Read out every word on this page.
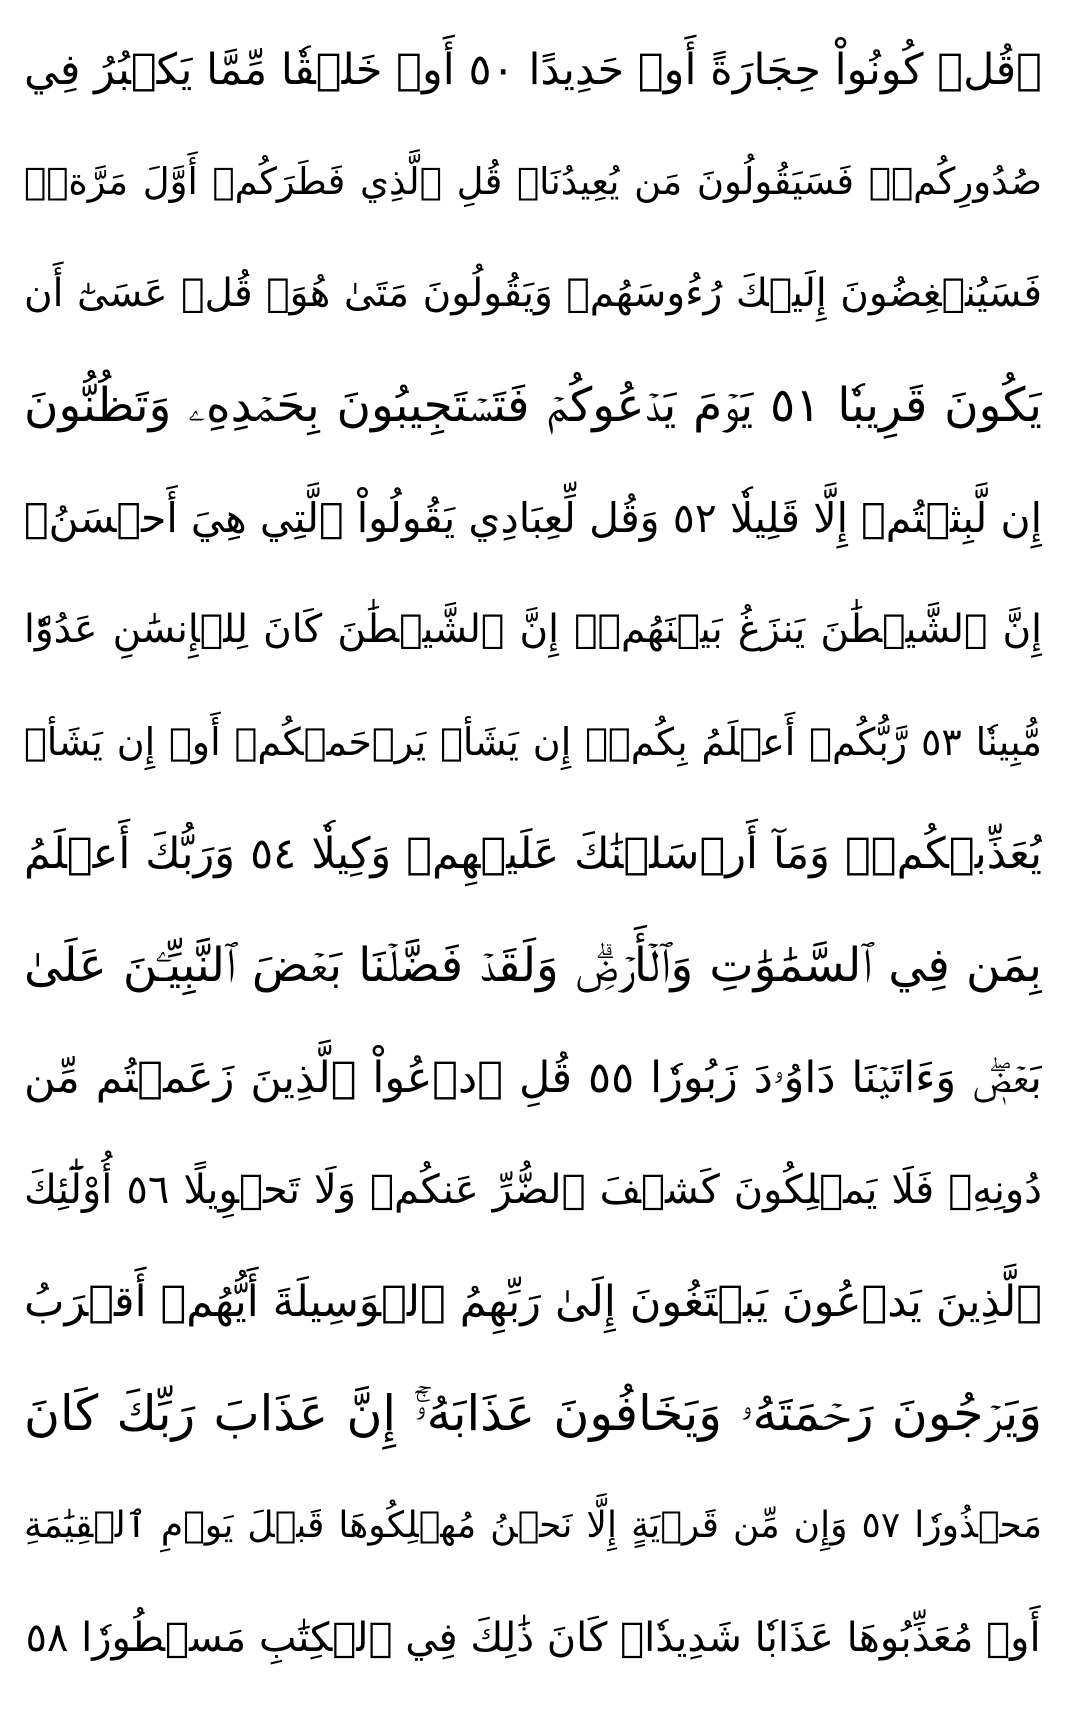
۞قُلۡ كُونُواْ حِجَارَةً أَوۡ حَدِيدًا ٥٠ أَوۡ خَلۡقٗا مِّمَّا يَكۡبُرُ فِي
صُدُورِكُمۡۚ فَسَيَقُولُونَ مَن يُعِيدُنَاۖ قُلِ ٱلَّذِي فَطَرَكُمۡ أَوَّلَ مَرَّةٖۚ
فَسَيُنۡغِضُونَ إِلَيۡكَ رُءُوسَهُمۡ وَيَقُولُونَ مَتَىٰ هُوَۖ قُلۡ عَسَىٰٓ أَن
يَكُونَ قَرِيبٗا ٥١ يَوۡمَ يَدۡعُوكُمۡ فَتَسۡتَجِيبُونَ بِحَمۡدِهِۦ وَتَظُنُّونَ
إِن لَّبِثۡتُمۡ إِلَّا قَلِيلٗا ٥٢ وَقُل لِّعِبَادِي يَقُولُواْ ٱلَّتِي هِيَ أَحۡسَنُۚ
إِنَّ ٱلشَّيۡطَٰنَ يَنزَغُ بَيۡنَهُمۡۚ إِنَّ ٱلشَّيۡطَٰنَ كَانَ لِلۡإِنسَٰنِ عَدُوّٗا
مُّبِينٗا ٥٣ رَّبُّكُمۡ أَعۡلَمُ بِكُمۡۖ إِن يَشَأۡ يَرۡحَمۡكُمۡ أَوۡ إِن يَشَأۡ
يُعَذِّبۡكُمۡۚ وَمَآ أَرۡسَلۡنَٰكَ عَلَيۡهِمۡ وَكِيلٗا ٥٤ وَرَبُّكَ أَعۡلَمُ
بِمَن فِي ٱلسَّمَٰوَٰتِ وَٱلۡأَرۡضِۗ وَلَقَدۡ فَضَّلۡنَا بَعۡضَ ٱلنَّبِيِّـۧنَ عَلَىٰ
بَعۡضٖۖ وَءَاتَيۡنَا دَاوُۥدَ زَبُورٗا ٥٥ قُلِ ٱدۡعُواْ ٱلَّذِينَ زَعَمۡتُم مِّن
دُونِهِۦ فَلَا يَمۡلِكُونَ كَشۡفَ ٱلضُّرِّ عَنكُمۡ وَلَا تَحۡوِيلًا ٥٦ أُوْلَٰٓئِكَ
ٱلَّذِينَ يَدۡعُونَ يَبۡتَغُونَ إِلَىٰ رَبِّهِمُ ٱلۡوَسِيلَةَ أَيُّهُمۡ أَقۡرَبُ
وَيَرۡجُونَ رَحۡمَتَهُۥ وَيَخَافُونَ عَذَابَهُۥٓۚ إِنَّ عَذَابَ رَبِّكَ كَانَ
مَحۡذُورٗا ٥٧ وَإِن مِّن قَرۡيَةٍ إِلَّا نَحۡنُ مُهۡلِكُوهَا قَبۡلَ يَوۡمِ ٱلۡقِيَٰمَةِ
أَوۡ مُعَذِّبُوهَا عَذَابٗا شَدِيدٗاۚ كَانَ ذَٰلِكَ فِي ٱلۡكِتَٰبِ مَسۡطُورٗا ٥٨
